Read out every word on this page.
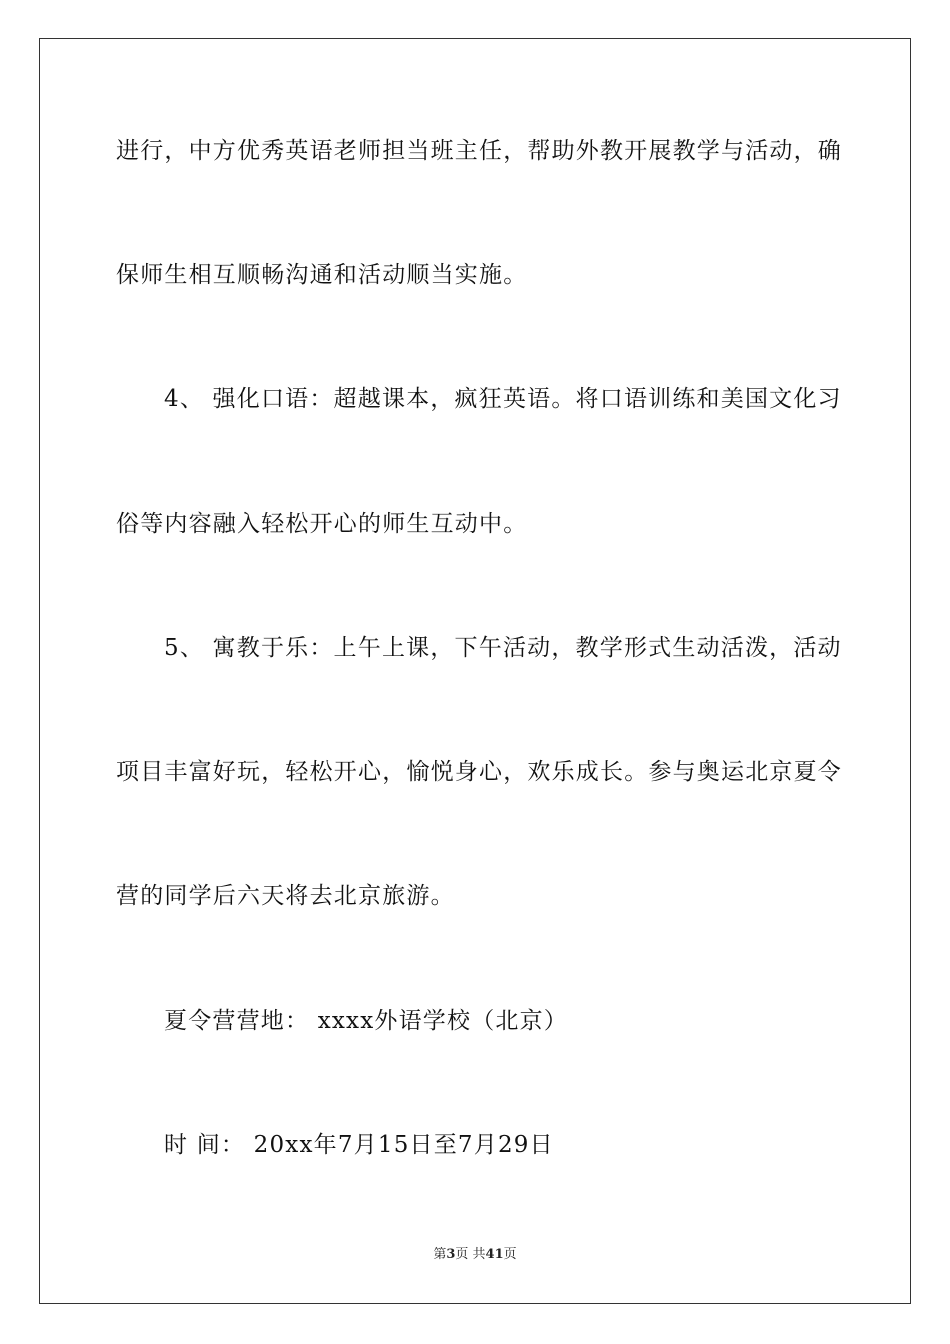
进行，中方优秀英语老师担当班主任，帮助外教开展教学与活动，确
保师生相互顺畅沟通和活动顺当实施。
4、 强化口语：超越课本，疯狂英语。将口语训练和美国文化习
俗等内容融入轻松开心的师生互动中。
5、 寓教于乐：上午上课，下午活动，教学形式生动活泼，活动
项目丰富好玩，轻松开心，愉悦身心，欢乐成长。参与奥运北京夏令
营的同学后六天将去北京旅游。
夏令营营地： xxxx外语学校（北京）
时 间： 20xx年7月15日至7月29日
第3页 共41页
